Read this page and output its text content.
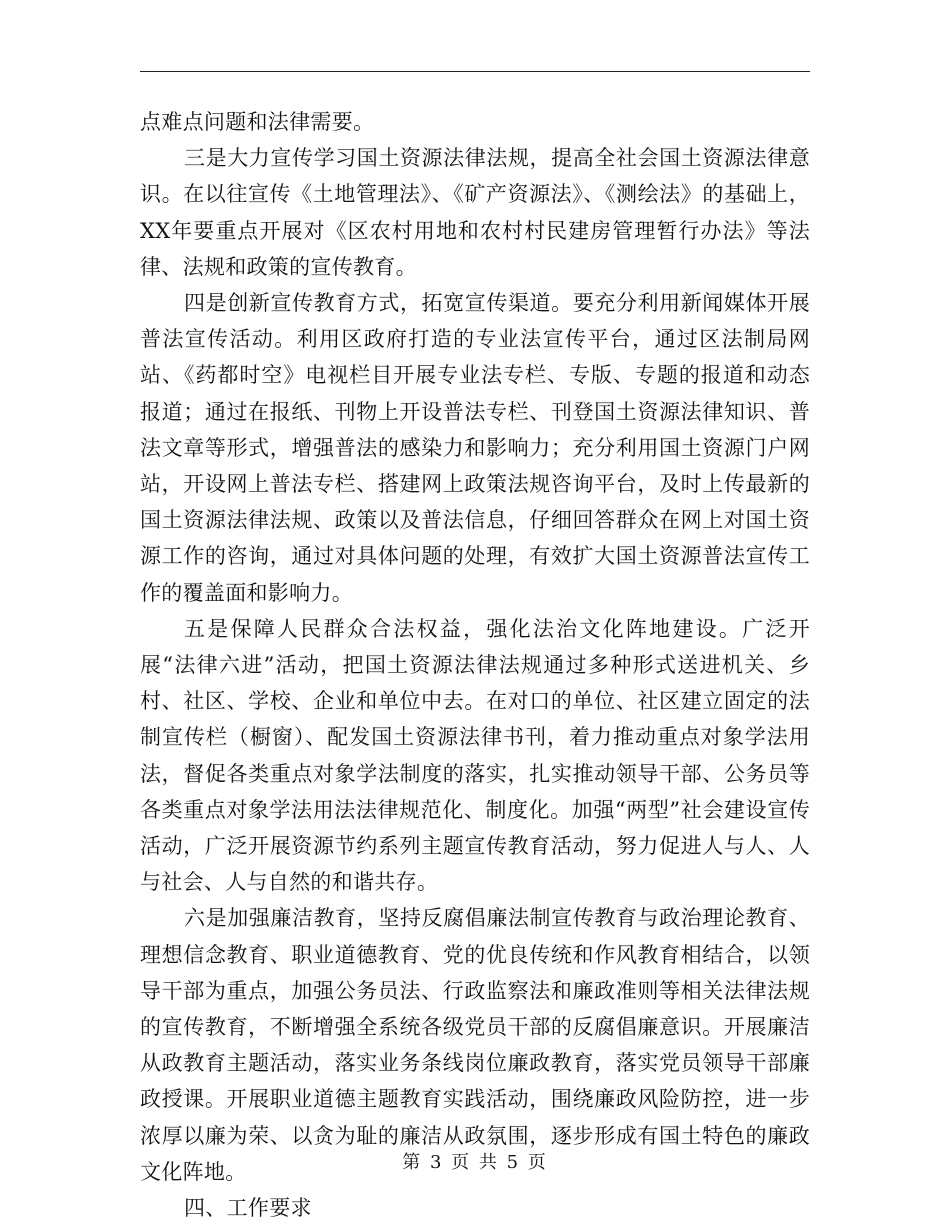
点难点问题和法律需要。

三是大力宣传学习国土资源法律法规，提高全社会国土资源法律意识。在以往宣传《土地管理法》、《矿产资源法》、《测绘法》的基础上，XX年要重点开展对《区农村用地和农村村民建房管理暂行办法》等法律、法规和政策的宣传教育。

四是创新宣传教育方式，拓宽宣传渠道。要充分利用新闻媒体开展普法宣传活动。利用区政府打造的专业法宣传平台，通过区法制局网站、《药都时空》电视栏目开展专业法专栏、专版、专题的报道和动态报道；通过在报纸、刊物上开设普法专栏、刊登国土资源法律知识、普法文章等形式，增强普法的感染力和影响力；充分利用国土资源门户网站，开设网上普法专栏、搭建网上政策法规咨询平台，及时上传最新的国土资源法律法规、政策以及普法信息，仔细回答群众在网上对国土资源工作的咨询，通过对具体问题的处理，有效扩大国土资源普法宣传工作的覆盖面和影响力。

五是保障人民群众合法权益，强化法治文化阵地建设。广泛开展“法律六进”活动，把国土资源法律法规通过多种形式送进机关、乡村、社区、学校、企业和单位中去。在对口的单位、社区建立固定的法制宣传栏（橱窗）、配发国土资源法律书刊，着力推动重点对象学法用法，督促各类重点对象学法制度的落实，扎实推动领导干部、公务员等各类重点对象学法用法法律规范化、制度化。加强“两型”社会建设宣传活动，广泛开展资源节约系列主题宣传教育活动，努力促进人与人、人与社会、人与自然的和谐共存。

六是加强廉洁教育，坚持反腐倡廉法制宣传教育与政治理论教育、理想信念教育、职业道德教育、党的优良传统和作风教育相结合，以领导干部为重点，加强公务员法、行政监察法和廉政准则等相关法律法规的宣传教育，不断增强全系统各级党员干部的反腐倡廉意识。开展廉洁从政教育主题活动，落实业务条线岗位廉政教育，落实党员领导干部廉政授课。开展职业道德主题教育实践活动，围绕廉政风险防控，进一步浓厚以廉为荣、以贪为耻的廉洁从政氛围，逐步形成有国土特色的廉政文化阵地。

四、工作要求

第 3 页 共 5 页
